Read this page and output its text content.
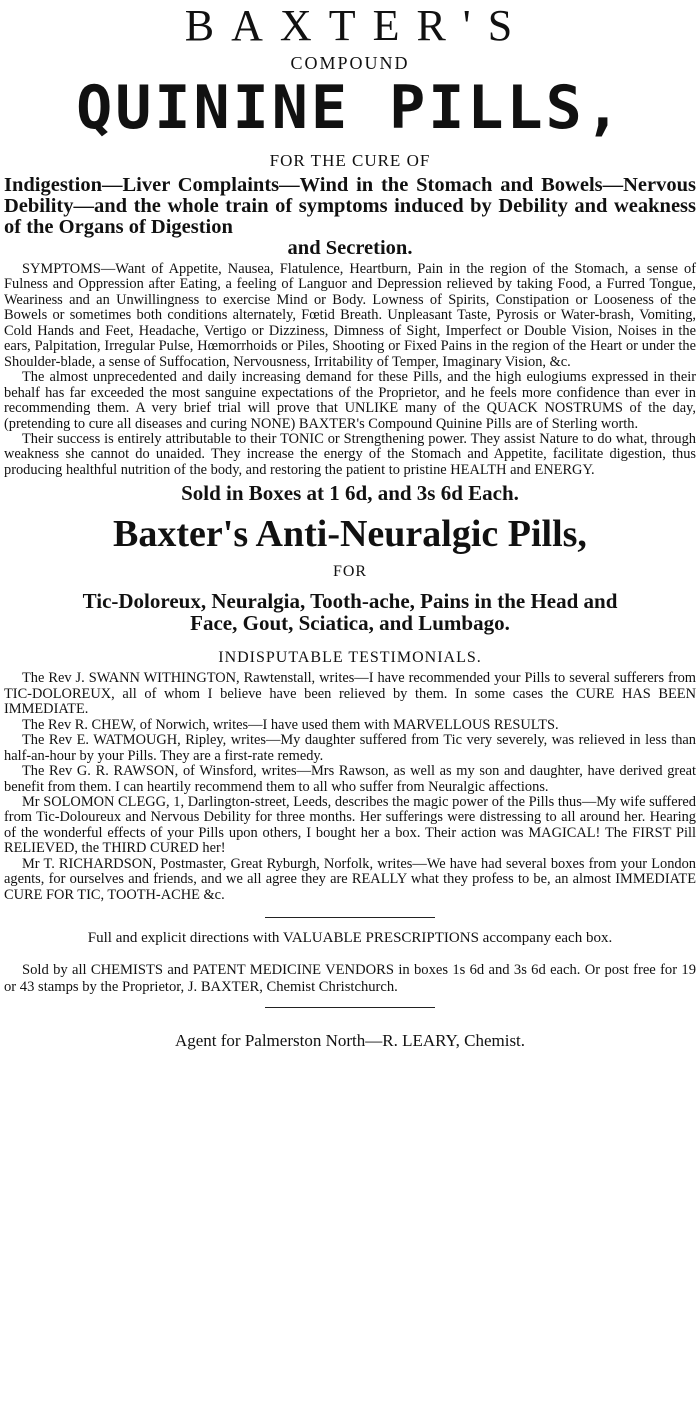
BAXTER'S
COMPOUND
QUININE PILLS,
FOR THE CURE OF
Indigestion—Liver Complaints—Wind in the Stomach and Bowels—Nervous Debility—and the whole train of symptoms induced by Debility and weakness of the Organs of Digestion
and Secretion.
SYMPTOMS—Want of Appetite, Nausea, Flatulence, Heartburn, Pain in the region of the Stomach, a sense of Fulness and Oppression after Eating, a feeling of Languor and Depression relieved by taking Food, a Furred Tongue, Weariness and an Unwillingness to exercise Mind or Body. Lowness of Spirits, Constipation or Looseness of the Bowels or sometimes both conditions alternately, Fœtid Breath. Unpleasant Taste, Pyrosis or Water-brash, Vomiting, Cold Hands and Feet, Headache, Vertigo or Dizziness, Dimness of Sight, Imperfect or Double Vision, Noises in the ears, Palpitation, Irregular Pulse, Hœmorrhoids or Piles, Shooting or Fixed Pains in the region of the Heart or under the Shoulder-blade, a sense of Suffocation, Nervousness, Irritability of Temper, Imaginary Vision, &c.
The almost unprecedented and daily increasing demand for these Pills, and the high eulogiums expressed in their behalf has far exceeded the most sanguine expectations of the Proprietor, and he feels more confidence than ever in recommending them. A very brief trial will prove that UNLIKE many of the QUACK NOSTRUMS of the day, (pretending to cure all diseases and curing NONE) BAXTER's Compound Quinine Pills are of Sterling worth.
Their success is entirely attributable to their TONIC or Strengthening power. They assist Nature to do what, through weakness she cannot do unaided. They increase the energy of the Stomach and Appetite, facilitate digestion, thus producing healthful nutrition of the body, and restoring the patient to pristine HEALTH and ENERGY.
Sold in Boxes at 1 6d, and 3s 6d Each.
Baxter's Anti-Neuralgic Pills,
FOR
Tic-Doloreux, Neuralgia, Tooth-ache, Pains in the Head and
Face, Gout, Sciatica, and Lumbago.
INDISPUTABLE TESTIMONIALS.
The Rev J. SWANN WITHINGTON, Rawtenstall, writes—I have recommended your Pills to several sufferers from TIC-DOLOREUX, all of whom I believe have been relieved by them. In some cases the CURE HAS BEEN IMMEDIATE.
The Rev R. CHEW, of Norwich, writes—I have used them with MARVELLOUS RESULTS.
The Rev E. WATMOUGH, Ripley, writes—My daughter suffered from Tic very severely, was relieved in less than half-an-hour by your Pills. They are a first-rate remedy.
The Rev G. R. RAWSON, of Winsford, writes—Mrs Rawson, as well as my son and daughter, have derived great benefit from them. I can heartily recommend them to all who suffer from Neuralgic affections.
Mr SOLOMON CLEGG, 1, Darlington-street, Leeds, describes the magic power of the Pills thus—My wife suffered from Tic-Doloureux and Nervous Debility for three months. Her sufferings were distressing to all around her. Hearing of the wonderful effects of your Pills upon others, I bought her a box. Their action was MAGICAL! The FIRST Pill RELIEVED, the THIRD CURED her!
Mr T. RICHARDSON, Postmaster, Great Ryburgh, Norfolk, writes—We have had several boxes from your London agents, for ourselves and friends, and we all agree they are REALLY what they profess to be, an almost IMMEDIATE CURE FOR TIC, TOOTH-ACHE &c.
Full and explicit directions with VALUABLE PRESCRIPTIONS accompany each box.
Sold by all CHEMISTS and PATENT MEDICINE VENDORS in boxes 1s 6d and 3s 6d each. Or post free for 19 or 43 stamps by the Proprietor, J. BAXTER, Chemist Christchurch.
Agent for Palmerston North—R. LEARY, Chemist.
